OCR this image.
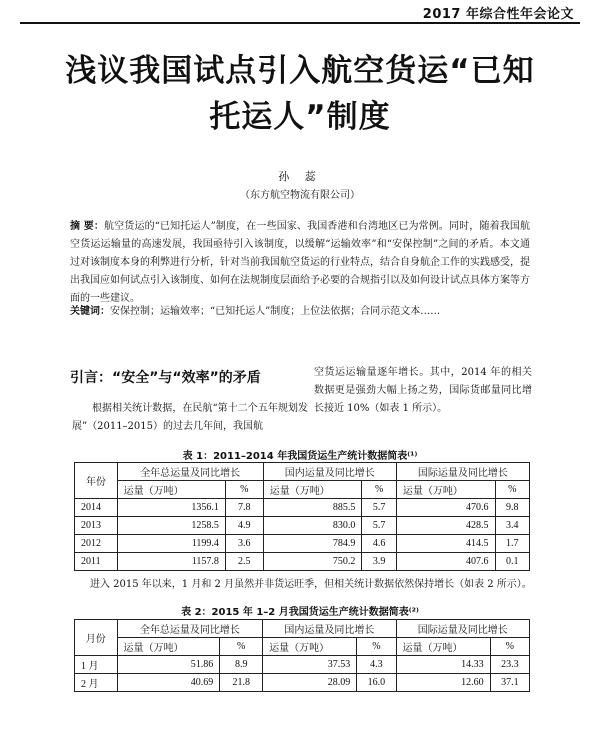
2017 年综合性年会论文
浅议我国试点引入航空货运“已知
托运人”制度
孙 蕊
（东方航空物流有限公司）
摘 要：航空货运的“已知托运人”制度，在一些国家、我国香港和台湾地区已为常例。同时，随着我国航空货运运输量的高速发展，我国亟待引入该制度，以缓解“运输效率”和“安保控制”之间的矛盾。本文通过对该制度本身的利弊进行分析，针对当前我国航空货运的行业特点，结合自身航企工作的实践感受，提出我国应如何试点引入该制度、如何在法规制度层面给予必要的合规指引以及如何设计试点具体方案等方面的一些建议。
关键词：安保控制；运输效率；“已知托运人”制度；上位法依据；合同示范文本……
引言：“安全”与“效率”的矛盾
根据相关统计数据，在民航“第十二个五年规划发展”（2011–2015）的过去几年间，我国航
空货运运输量逐年增长。其中，2014 年的相关数据更是强劲大幅上扬之势，国际货邮量同比增长接近 10%（如表 1 所示）。
表 1：2011–2014 年我国货运生产统计数据简表⁽¹⁾
年份	全年总运量及同比增长		国内运量及同比增长		国际运量及同比增长	
	运量（万吨）	%	运量（万吨）	%	运量（万吨）	%
2014	1356.1	7.8	885.5	5.7	470.6	9.8
2013	1258.5	4.9	830.0	5.7	428.5	3.4
2012	1199.4	3.6	784.9	4.6	414.5	1.7
2011	1157.8	2.5	750.2	3.9	407.6	0.1
进入 2015 年以来，1 月和 2 月虽然并非货运旺季，但相关统计数据依然保持增长（如表 2 所示）。
表 2：2015 年 1–2 月我国货运生产统计数据简表⁽²⁾
月份	全年总运量及同比增长		国内运量及同比增长		国际运量及同比增长	
	运量（万吨）	%	运量（万吨）	%	运量（万吨）	%
1 月	51.86	8.9	37.53	4.3	14.33	23.3
2 月	40.69	21.8	28.09	16.0	12.60	37.1
